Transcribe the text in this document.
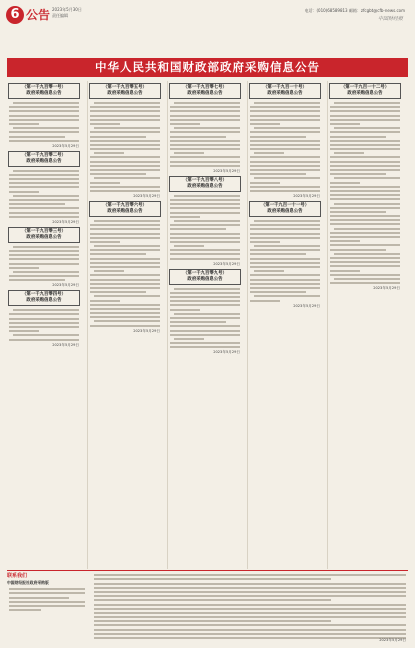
6 公告 2023年5月30日
责任编辑
电话：(010)68589813 邮箱：zfcgbt@cfb-news.com
中国财经报
中华人民共和国财政部政府采购信息公告
（第一千九百零一号）
政府采购信息公告
2023年5月29日
（第一千九百零二号）
政府采购信息公告
2023年5月29日
（第一千九百零三号）
政府采购信息公告
2023年5月29日
（第一千九百零四号）
政府采购信息公告
2023年5月29日
（第一千九百零五号）
政府采购信息公告
2023年5月29日
（第一千九百零六号）
政府采购信息公告
2023年5月29日
（第一千九百零七号）
政府采购信息公告
2023年5月29日
（第一千九百零八号）
政府采购信息公告
2023年5月29日
（第一千九百零九号）
政府采购信息公告
2023年5月29日
（第一千九百一十号）
政府采购信息公告
2023年5月29日
（第一千九百一十一号）
政府采购信息公告
2023年5月29日
（第一千九百一十二号）
政府采购信息公告
2023年5月29日
联系我们
中国财经报社政府采购版
2023年5月29日
